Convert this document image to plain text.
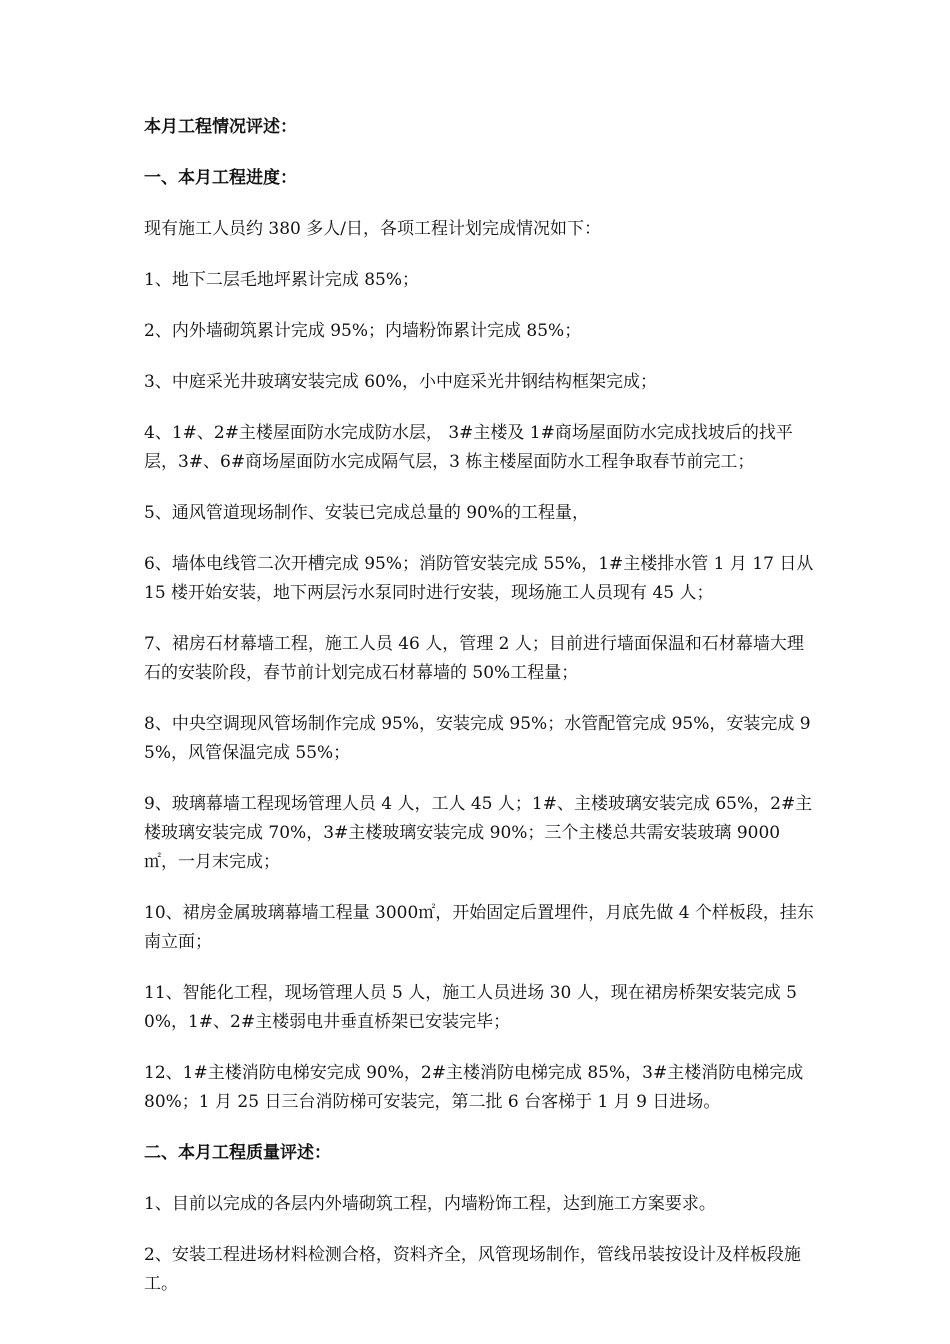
本月工程情况评述：
一、本月工程进度：
现有施工人员约 380 多人/日，各项工程计划完成情况如下：
1、地下二层毛地坪累计完成 85%；
2、内外墙砌筑累计完成 95%；内墙粉饰累计完成 85%；
3、中庭采光井玻璃安装完成 60%，小中庭采光井钢结构框架完成；
4、1#、2#主楼屋面防水完成防水层， 3#主楼及 1#商场屋面防水完成找坡后的找平层，3#、6#商场屋面防水完成隔气层，3 栋主楼屋面防水工程争取春节前完工；
5、通风管道现场制作、安装已完成总量的 90%的工程量，
6、墙体电线管二次开槽完成 95%；消防管安装完成 55%，1#主楼排水管 1 月 17 日从 15 楼开始安装，地下两层污水泵同时进行安装，现场施工人员现有 45 人；
7、裙房石材幕墙工程，施工人员 46 人，管理 2 人；目前进行墙面保温和石材幕墙大理石的安装阶段，春节前计划完成石材幕墙的 50%工程量；
8、中央空调现风管场制作完成 95%，安装完成 95%；水管配管完成 95%，安装完成 95%，风管保温完成 55%；
9、玻璃幕墙工程现场管理人员 4 人，工人 45 人；1#、主楼玻璃安装完成 65%，2#主楼玻璃安装完成 70%，3#主楼玻璃安装完成 90%；三个主楼总共需安装玻璃 9000 ㎡，一月末完成；
10、裙房金属玻璃幕墙工程量 3000㎡，开始固定后置埋件，月底先做 4 个样板段，挂东南立面；
11、智能化工程，现场管理人员 5 人，施工人员进场 30 人，现在裙房桥架安装完成 50%，1#、2#主楼弱电井垂直桥架已安装完毕；
12、1#主楼消防电梯安完成 90%，2#主楼消防电梯完成 85%，3#主楼消防电梯完成 80%；1 月 25 日三台消防梯可安装完，第二批 6 台客梯于 1 月 9 日进场。
二、本月工程质量评述：
1、目前以完成的各层内外墙砌筑工程，内墙粉饰工程，达到施工方案要求。
2、安装工程进场材料检测合格，资料齐全，风管现场制作，管线吊装按设计及样板段施工。
